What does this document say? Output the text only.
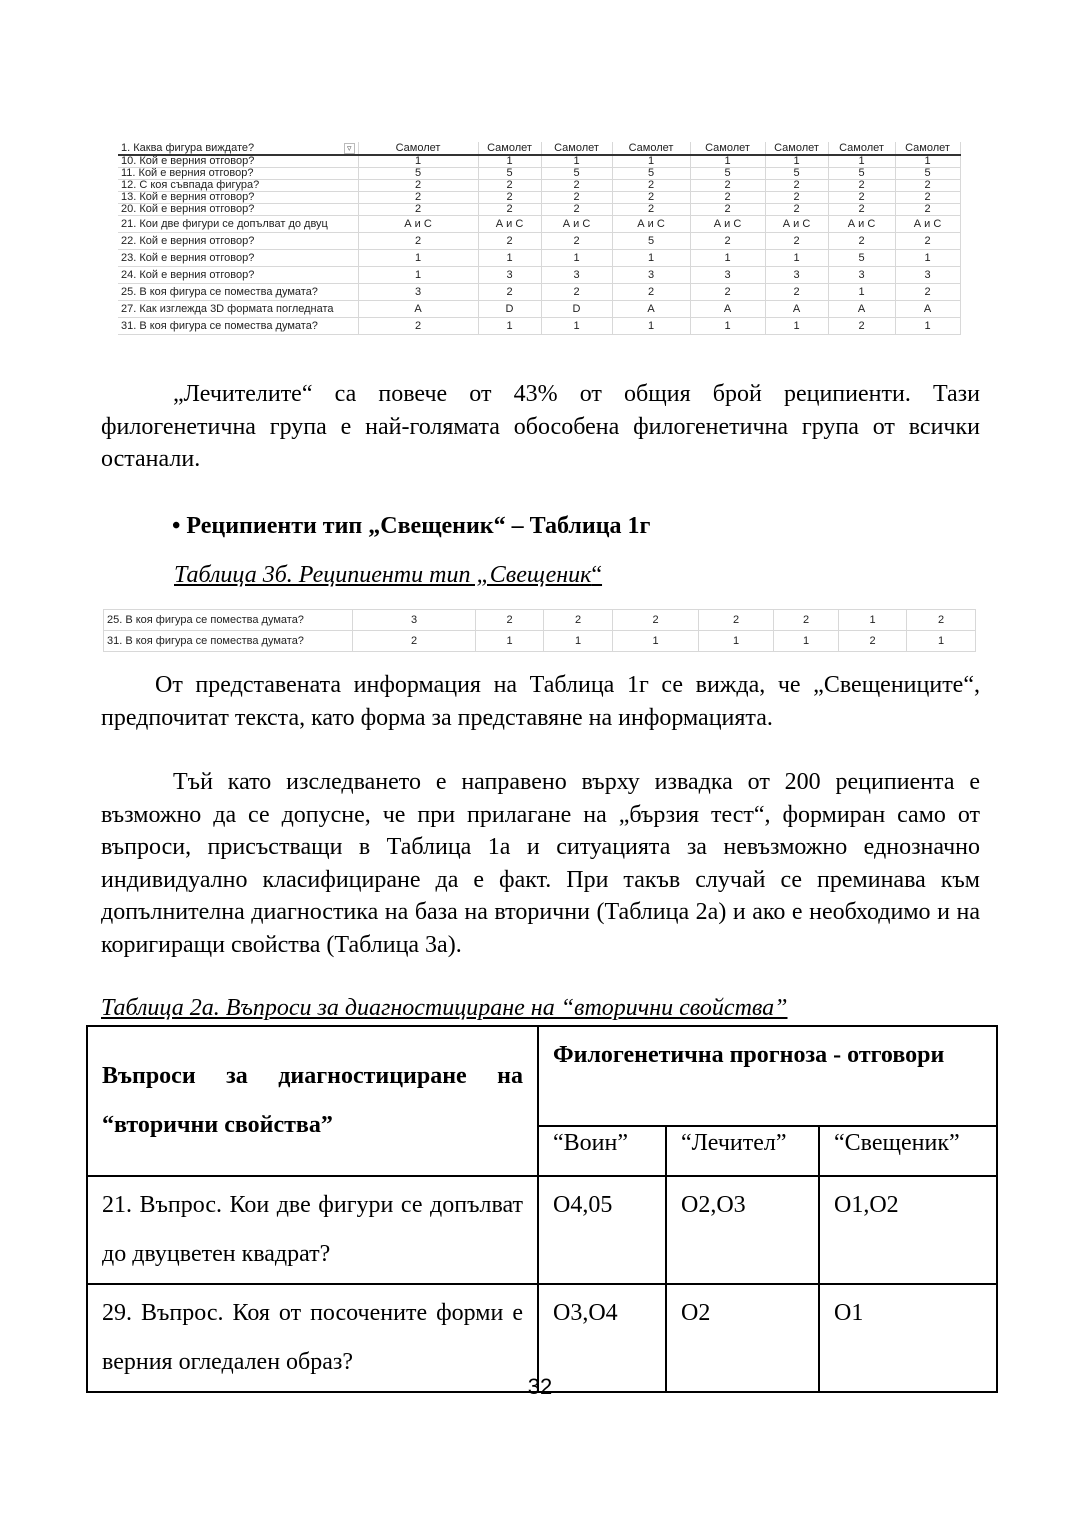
1. Каква фигура виждате? ▿	Самолет	Самолет	Самолет	Самолет	Самолет	Самолет	Самолет	Самолет
10. Кой е верния отговор?	1	1	1	1	1	1	1	1
11. Кой е верния отговор?	5	5	5	5	5	5	5	5
12. С коя съвпада фигура?	2	2	2	2	2	2	2	2
13. Кой е верния отговор?	2	2	2	2	2	2	2	2
20. Кой е верния отговор?	2	2	2	2	2	2	2	2
21. Кои две фигури се допълват до двуц	А и С	А и С	А и С	А и С	А и С	А и С	А и С	А и С
22. Кой е верния отговор?	2	2	2	5	2	2	2	2
23. Кой е верния отговор?	1	1	1	1	1	1	5	1
24. Кой е верния отговор?	1	3	3	3	3	3	3	3
25. В коя фигура се помества думата?	3	2	2	2	2	2	1	2
27. Как изглежда 3D формата погледната	A	D	D	A	A	A	A	A
31. В коя фигура се помества думата?	2	1	1	1	1	1	2	1
„Лечителите“ са повече от 43% от общия брой реципиенти. Тази филогенетична група е най-голямата обособена филогенетична група от всички останали.
• Реципиенти тип „Свещеник“ – Таблица 1г
Таблица 3б. Реципиенти тип „Свещеник“
25. В коя фигура се помества думата?	3	2	2	2	2	2	1	2
31. В коя фигура се помества думата?	2	1	1	1	1	1	2	1
От представената информация на Таблица 1г се вижда, че „Свещениците“, предпочитат текста, като форма за представяне на информацията.
Тъй като изследването е направено върху извадка от 200 реципиента е възможно да се допусне, че при прилагане на „бързия тест“, формиран само от въпроси, присъстващи в Таблица 1а и ситуацията за невъзможно еднозначно индивидуално класифициране да е факт. При такъв случай се преминава към допълнителна диагностика на база на вторични (Таблица 2а) и ако е необходимо и на коригиращи свойства (Таблица 3а).
Таблица 2а. Въпроси за диагностициране на “вторични свойства”
Въпроси за диагностициране на “вторични свойства”	Филогенетична прогноза - отговори		
	“Воин”	“Лечител”	“Свещеник”
21. Въпрос. Кои две фигури се допълват до двуцветен квадрат?	O4,05	O2,O3	O1,O2
29. Въпрос. Коя от посочените форми е верния огледален образ?	O3,O4	O2	O1
32
